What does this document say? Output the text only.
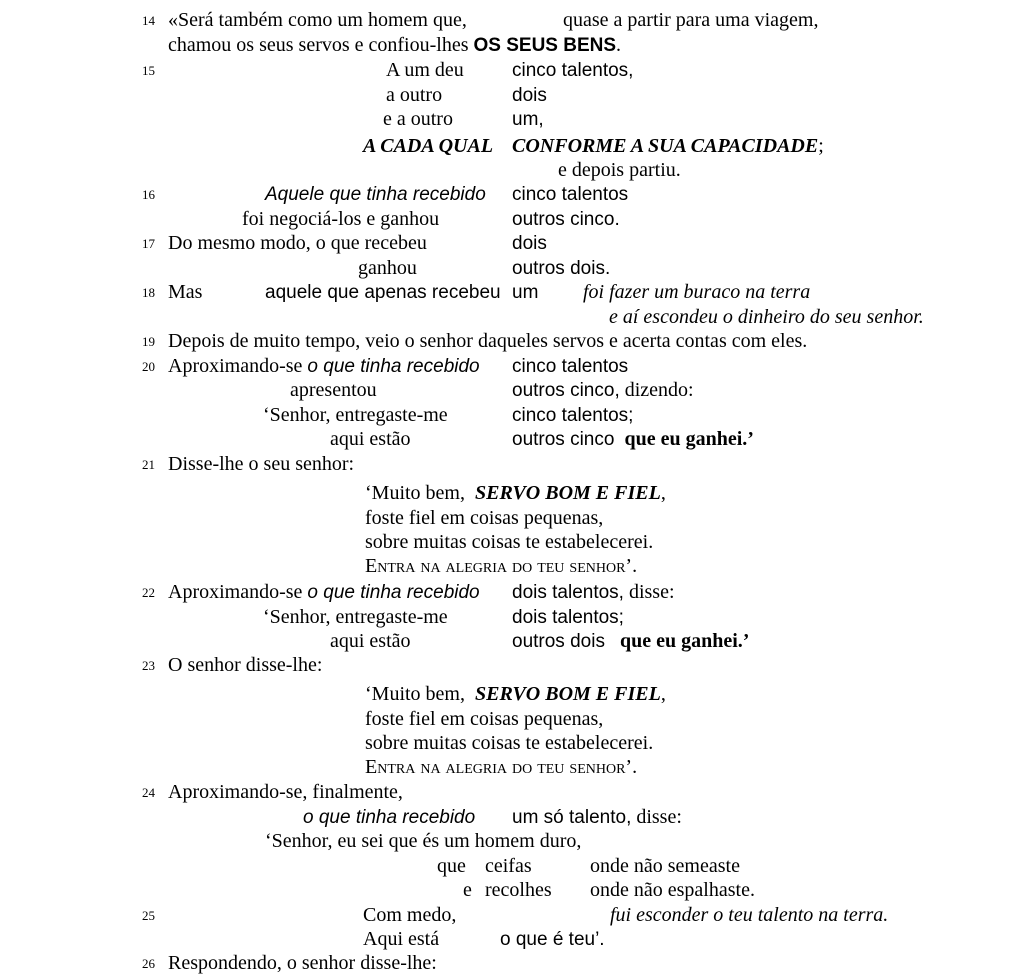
14 «Será também como um homem que,	quase a partir para uma viagem,
chamou os seus servos e confiou-lhes OS SEUS BENS.
15	A um deu	cinco talentos,
a outro	dois
e a outro	um,
A CADA QUAL CONFORME A SUA CAPACIDADE;
e depois partiu.
16	Aquele que tinha recebido cinco talentos
foi negociá-los e ganhou	outros cinco.
17 Do mesmo modo, o que recebeu	dois
ganhou	outros dois.
18 Mas	aquele que apenas recebeu um foi fazer um buraco na terra
e aí escondeu o dinheiro do seu senhor.
19 Depois de muito tempo, veio o senhor daqueles servos e acerta contas com eles.
20 Aproximando-se o que tinha recebido cinco talentos
apresentou	outros cinco, dizendo:
‘Senhor, entregaste-me	cinco talentos;
aqui estão	outros cinco  que eu ganhei.’
21 Disse-lhe o seu senhor:
‘Muito bem,  SERVO BOM E FIEL,
foste fiel em coisas pequenas,
sobre muitas coisas te estabelecerei.
Entra na alegria do teu senhor’.
22 Aproximando-se o que tinha recebido dois talentos, disse:
‘Senhor, entregaste-me	dois talentos;
aqui estão	outros dois   que eu ganhei.’
23 O senhor disse-lhe:
‘Muito bem,  SERVO BOM E FIEL,
foste fiel em coisas pequenas,
sobre muitas coisas te estabelecerei.
Entra na alegria do teu senhor’.
24 Aproximando-se, finalmente,
o que tinha recebido um só talento, disse:
‘Senhor, eu sei que és um homem duro,
que ceifas	onde não semeaste
e recolhes onde não espalhaste.
25	Com medo,	fui esconder o teu talento na terra.
Aqui está	o que é teu’.
26 Respondendo, o senhor disse-lhe:
